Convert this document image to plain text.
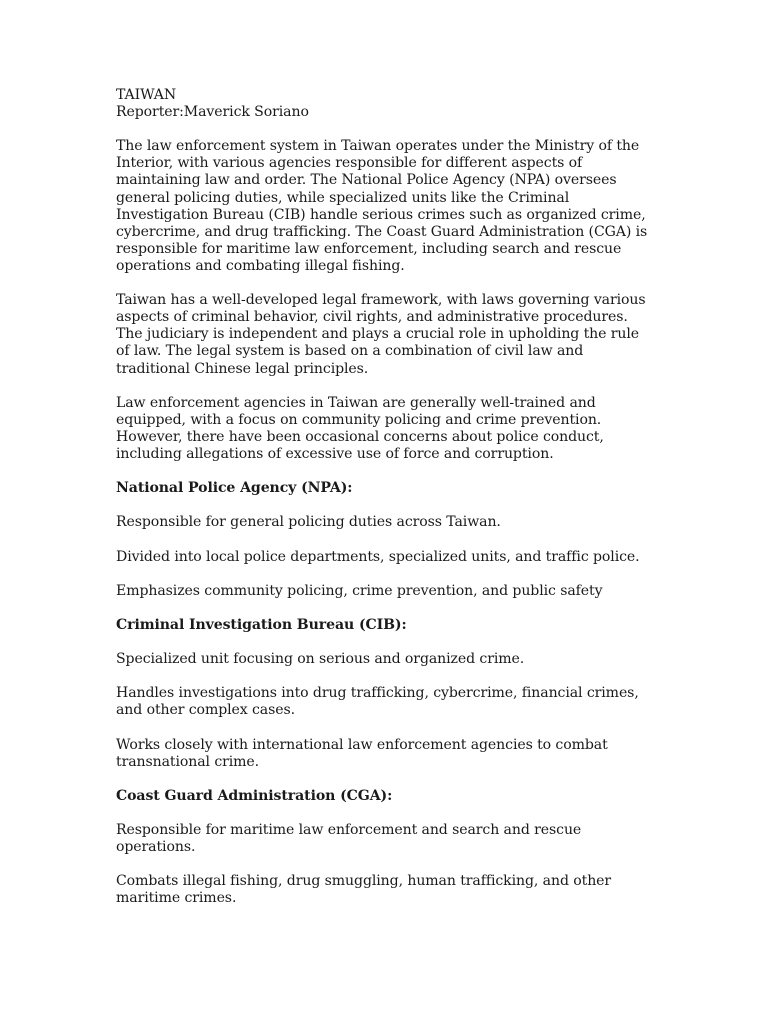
TAIWAN
Reporter:Maverick Soriano

The law enforcement system in Taiwan operates under the Ministry of the Interior, with various agencies responsible for different aspects of maintaining law and order. The National Police Agency (NPA) oversees general policing duties, while specialized units like the Criminal Investigation Bureau (CIB) handle serious crimes such as organized crime, cybercrime, and drug trafficking. The Coast Guard Administration (CGA) is responsible for maritime law enforcement, including search and rescue operations and combating illegal fishing.

Taiwan has a well-developed legal framework, with laws governing various aspects of criminal behavior, civil rights, and administrative procedures. The judiciary is independent and plays a crucial role in upholding the rule of law. The legal system is based on a combination of civil law and traditional Chinese legal principles.

Law enforcement agencies in Taiwan are generally well-trained and equipped, with a focus on community policing and crime prevention. However, there have been occasional concerns about police conduct, including allegations of excessive use of force and corruption.

National Police Agency (NPA):

Responsible for general policing duties across Taiwan.

Divided into local police departments, specialized units, and traffic police.

Emphasizes community policing, crime prevention, and public safety

Criminal Investigation Bureau (CIB):

Specialized unit focusing on serious and organized crime.

Handles investigations into drug trafficking, cybercrime, financial crimes, and other complex cases.

Works closely with international law enforcement agencies to combat transnational crime.

Coast Guard Administration (CGA):

Responsible for maritime law enforcement and search and rescue operations.

Combats illegal fishing, drug smuggling, human trafficking, and other maritime crimes.
